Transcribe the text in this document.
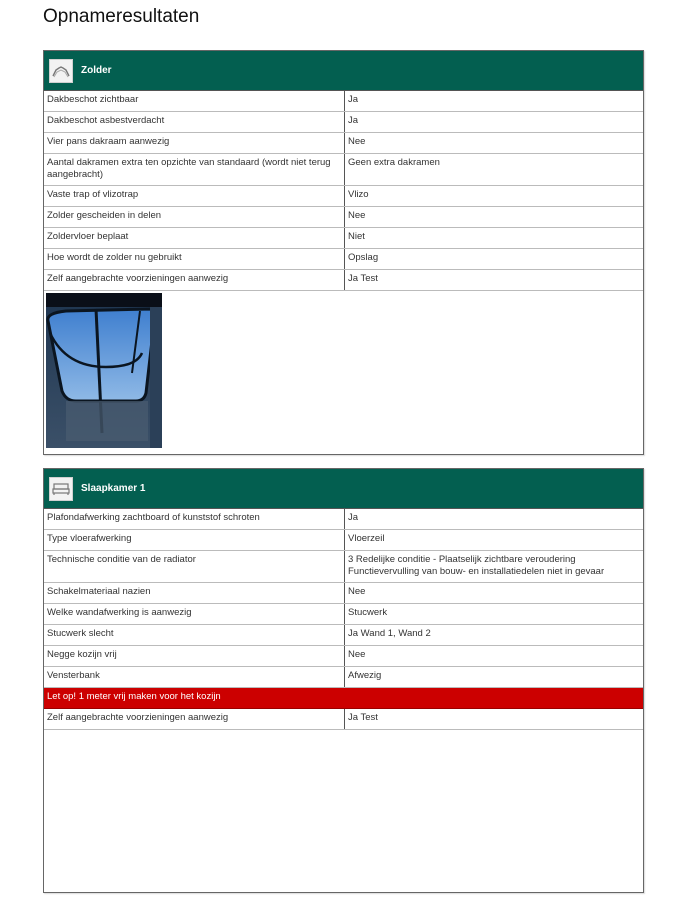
Opnameresultaten
Zolder
Dakbeschot zichtbaar	Ja
Dakbeschot asbestverdacht	Ja
Vier pans dakraam aanwezig	Nee
Aantal dakramen extra ten opzichte van standaard (wordt niet terug aangebracht)	Geen extra dakramen
Vaste trap of vlizotrap	Vlizo
Zolder gescheiden in delen	Nee
Zoldervloer beplaat	Niet
Hoe wordt de zolder nu gebruikt	Opslag
Zelf aangebrachte voorzieningen aanwezig	Ja Test
Slaapkamer 1
Plafondafwerking zachtboard of kunststof schroten	Ja
Type vloerafwerking	Vloerzeil
Technische conditie van de radiator	3 Redelijke conditie - Plaatselijk zichtbare veroudering Functievervulling van bouw- en installatiedelen niet in gevaar
Schakelmateriaal nazien	Nee
Welke wandafwerking is aanwezig	Stucwerk
Stucwerk slecht	Ja Wand 1, Wand 2
Negge kozijn vrij	Nee
Vensterbank	Afwezig
Let op! 1 meter vrij maken voor het kozijn	
Zelf aangebrachte voorzieningen aanwezig	Ja Test
